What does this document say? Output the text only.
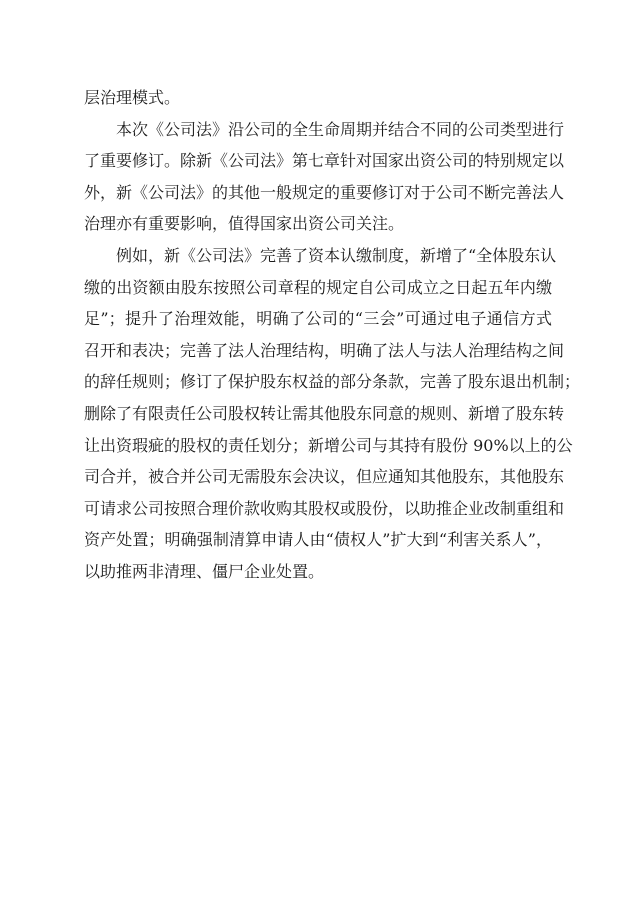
层治理模式。
本次《公司法》沿公司的全生命周期并结合不同的公司类型进行
了重要修订。除新《公司法》第七章针对国家出资公司的特别规定以
外，新《公司法》的其他一般规定的重要修订对于公司不断完善法人
治理亦有重要影响，值得国家出资公司关注。
例如，新《公司法》完善了资本认缴制度，新增了“全体股东认
缴的出资额由股东按照公司章程的规定自公司成立之日起五年内缴
足”；提升了治理效能，明确了公司的“三会”可通过电子通信方式
召开和表决；完善了法人治理结构，明确了法人与法人治理结构之间
的辞任规则；修订了保护股东权益的部分条款，完善了股东退出机制；
删除了有限责任公司股权转让需其他股东同意的规则、新增了股东转
让出资瑕疵的股权的责任划分；新增公司与其持有股份 90%以上的公
司合并，被合并公司无需股东会决议，但应通知其他股东，其他股东
可请求公司按照合理价款收购其股权或股份，以助推企业改制重组和
资产处置；明确强制清算申请人由“债权人”扩大到“利害关系人”，
以助推两非清理、僵尸企业处置。
